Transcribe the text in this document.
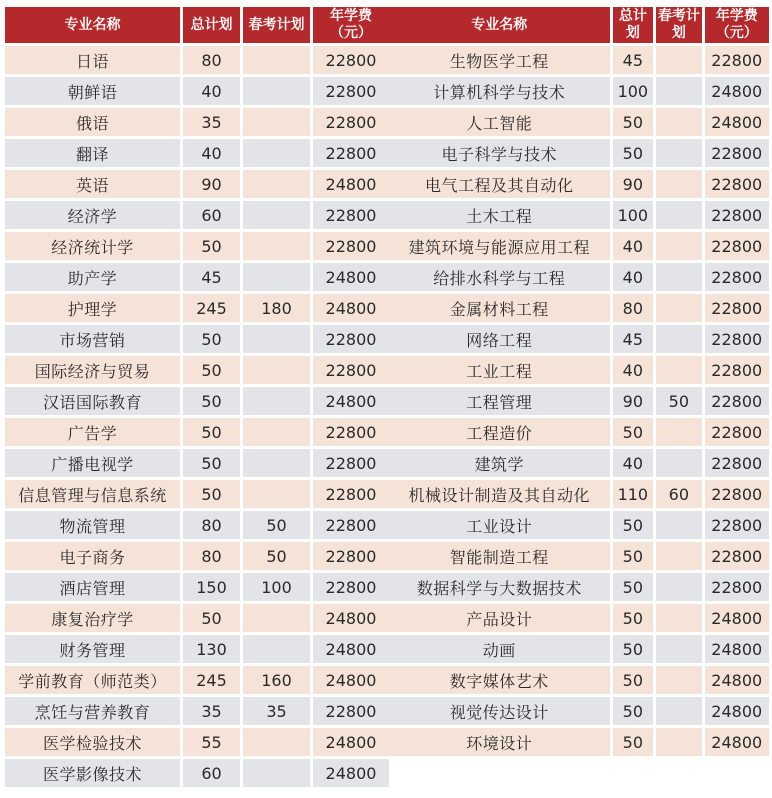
专业名称	总计划	春考计划	年学费
（元）

日语	80		22800
朝鲜语	40		22800
俄语	35		22800
翻译	40		22800
英语	90		24800
经济学	60		22800
经济统计学	50		22800
助产学	45		24800
护理学	245	180	24800
市场营销	50		22800
国际经济与贸易	50		22800
汉语国际教育	50		24800
广告学	50		22800
广播电视学	50		22800
信息管理与信息系统	50		22800
物流管理	80	50	22800
电子商务	80	50	22800
酒店管理	150	100	22800
康复治疗学	50		24800
财务管理	130		24800
学前教育（师范类）	245	160	24800
烹饪与营养教育	35	35	22800
医学检验技术	55		24800
医学影像技术	60		24800
专业名称	总计划	春考计划	年学费
（元）

生物医学工程	45		22800
计算机科学与技术	100		24800
人工智能	50		24800
电子科学与技术	50		22800
电气工程及其自动化	90		22800
土木工程	100		22800
建筑环境与能源应用工程	40		22800
给排水科学与工程	40		22800
金属材料工程	80		22800
网络工程	45		22800
工业工程	40		22800
工程管理	90	50	22800
工程造价	50		22800
建筑学	40		22800
机械设计制造及其自动化	110	60	22800
工业设计	50		22800
智能制造工程	50		22800
数据科学与大数据技术	50		22800
产品设计	50		24800
动画	50		24800
数字媒体艺术	50		24800
视觉传达设计	50		24800
环境设计	50		24800
